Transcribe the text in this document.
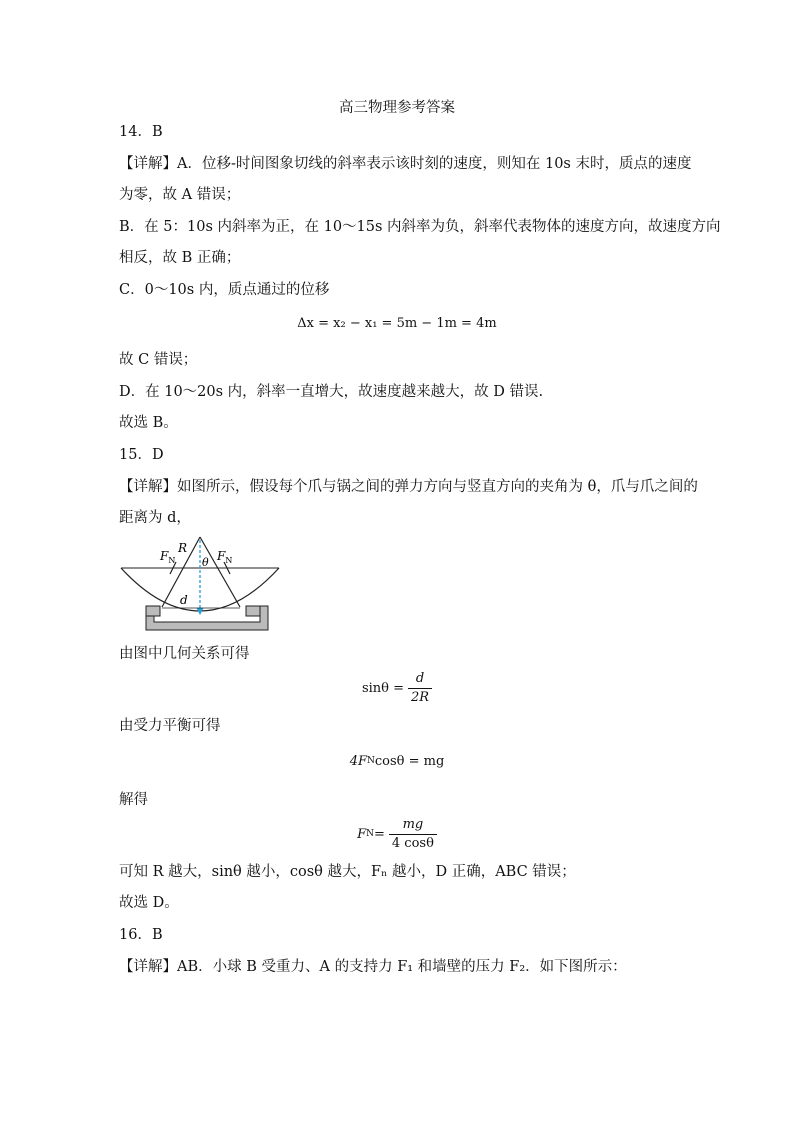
高三物理参考答案
14．B
【详解】A．位移-时间图象切线的斜率表示该时刻的速度，则知在 10s 末时，质点的速度
为零，故 A 错误；
B．在 5：10s 内斜率为正，在 10～15s 内斜率为负，斜率代表物体的速度方向，故速度方向
相反，故 B 正确；
C．0～10s 内，质点通过的位移
Δx = x₂ − x₁ = 5m − 1m = 4m
故 C 错误；
D．在 10～20s 内，斜率一直增大，故速度越来越大，故 D 错误.
故选 B。
15．D
【详解】如图所示，假设每个爪与锅之间的弹力方向与竖直方向的夹角为 θ，爪与爪之间的
距离为 d，
$F_N$
R
$F_N$
θ
d
由图中几何关系可得
$\sin\theta = \frac{d}{2R}$
由受力平衡可得
4F N cosθ = mg
解得
F $N = \frac{mg}{4 \cos\theta}$
可知 R 越大，sinθ 越小，cosθ 越大，Fₙ 越小，D 正确，ABC 错误；
故选 D。
16．B
【详解】AB．小球 B 受重力、A 的支持力 F₁ 和墙壁的压力 F₂．如下图所示：
